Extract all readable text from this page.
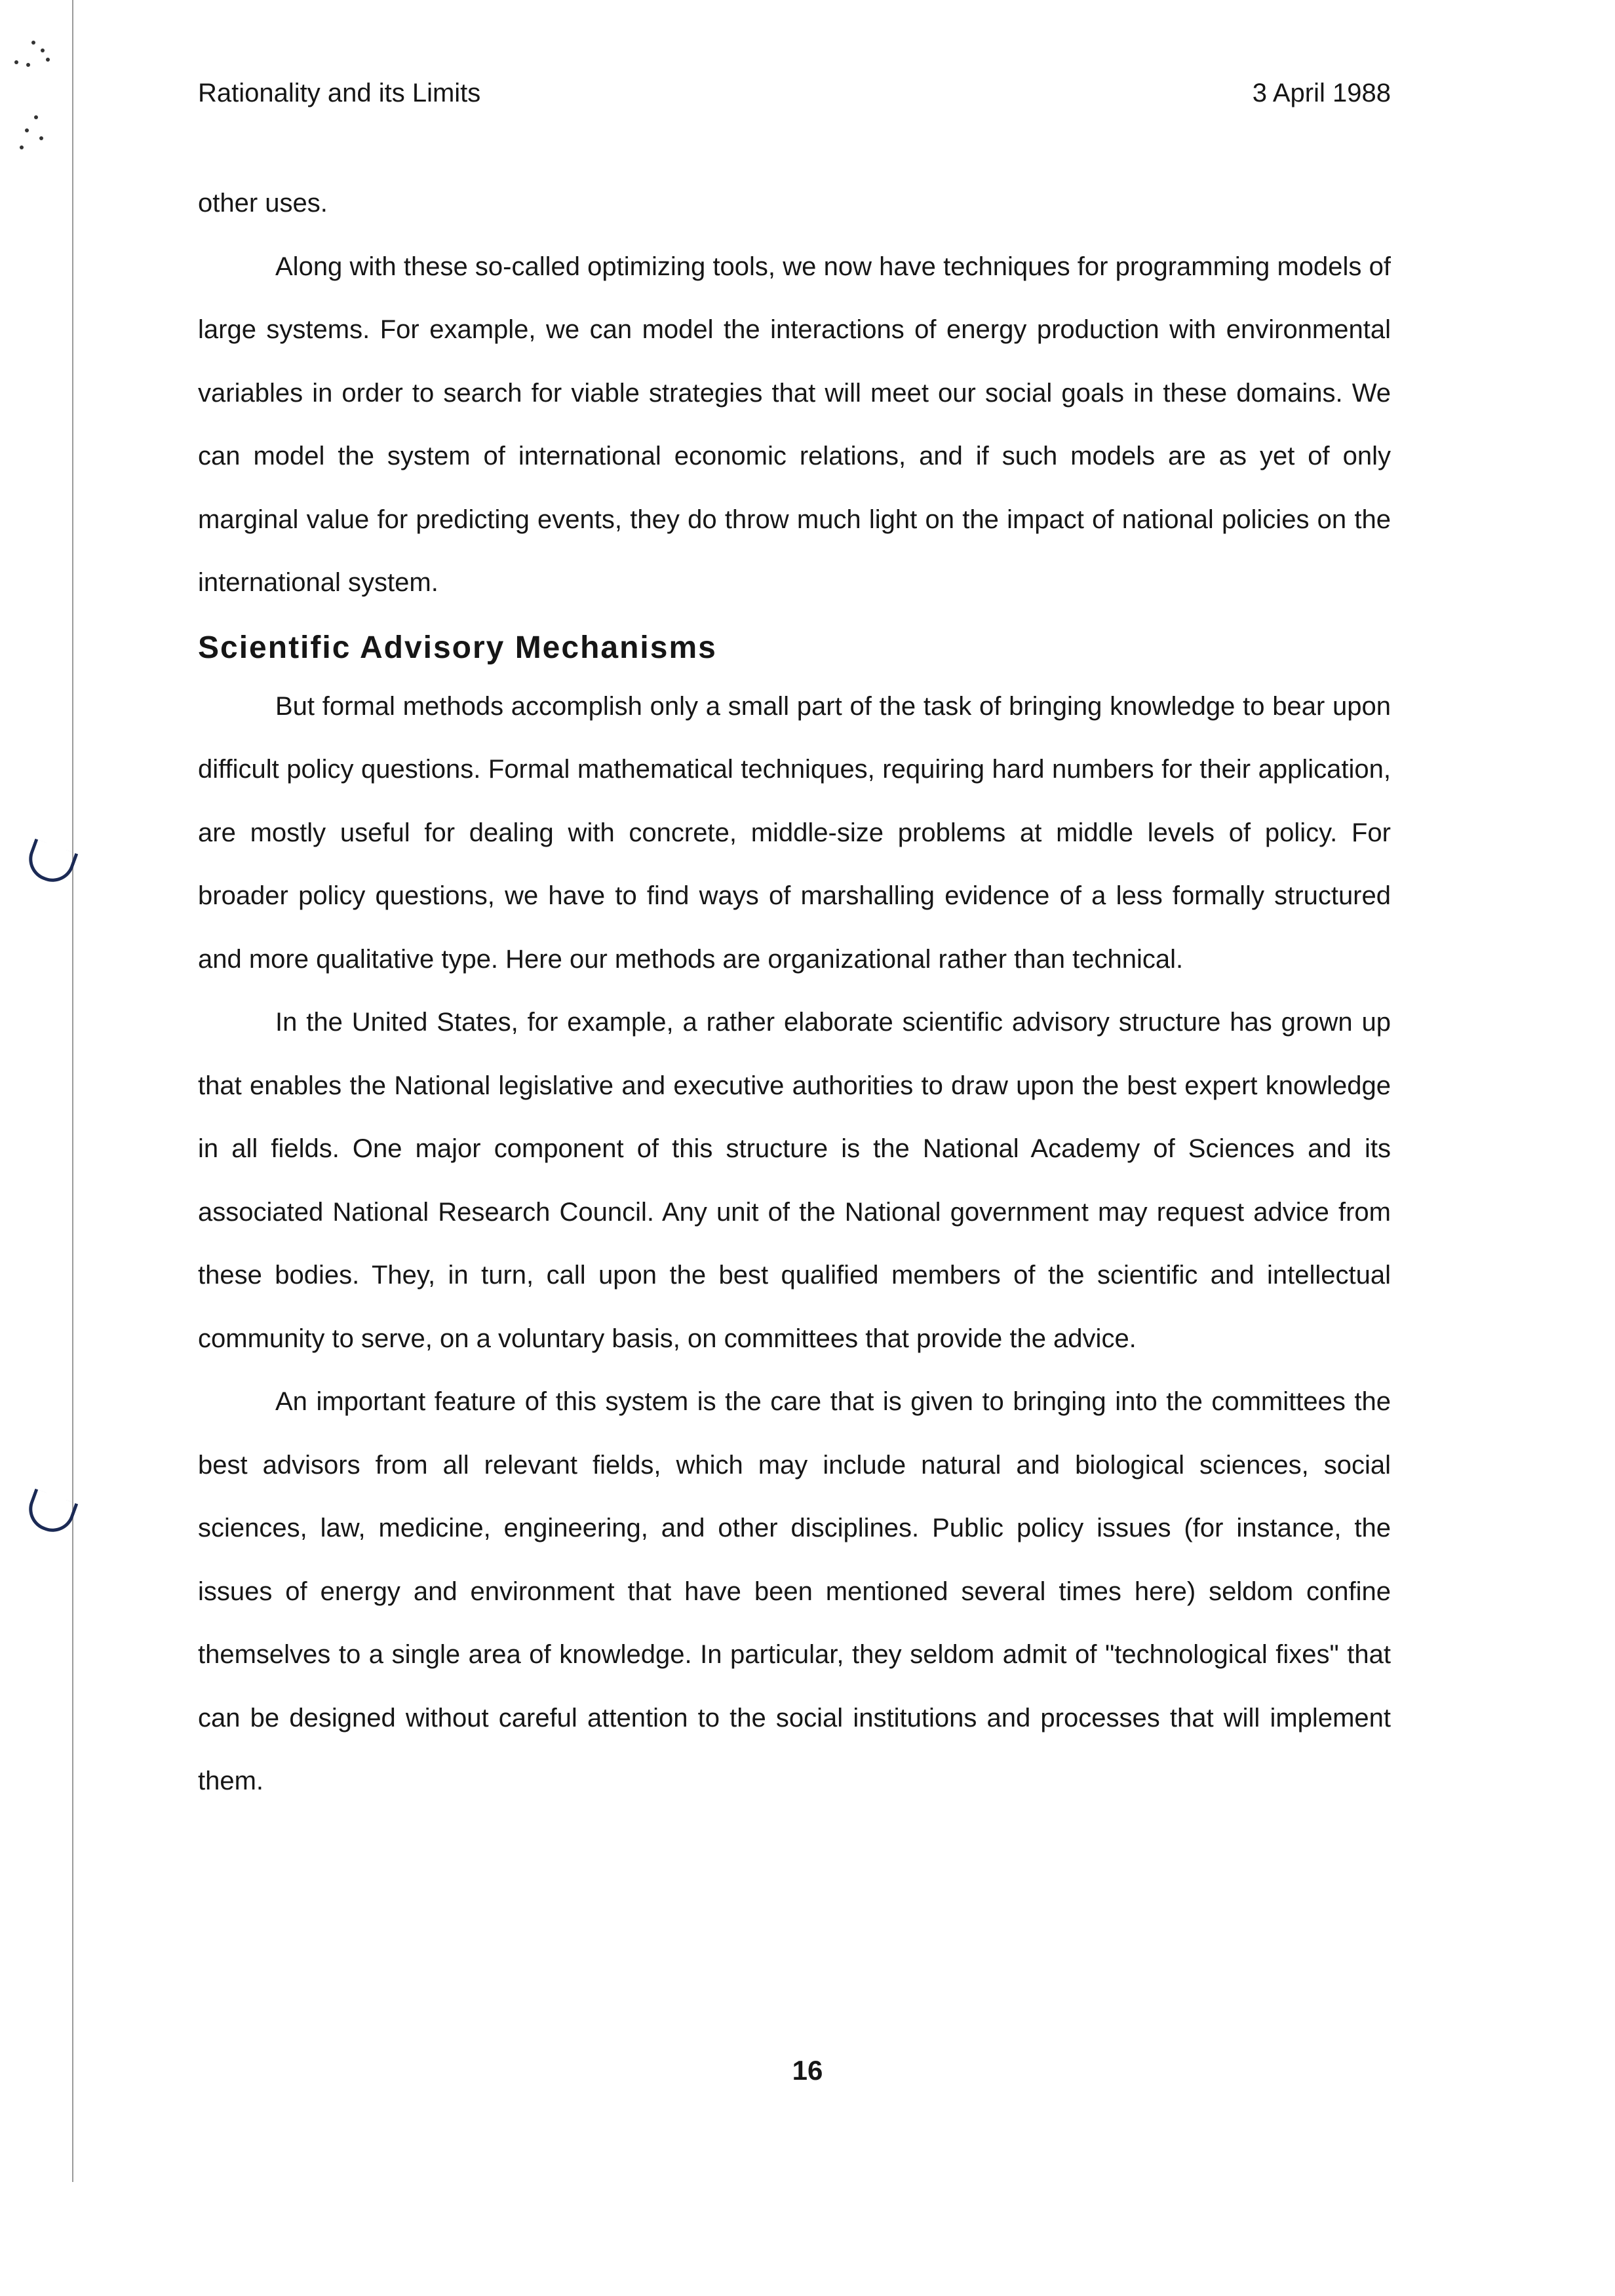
Rationality and its Limits	3 April 1988

other uses.

Along with these so-called optimizing tools, we now have techniques for programming models of large systems. For example, we can model the interactions of energy production with environmental variables in order to search for viable strategies that will meet our social goals in these domains. We can model the system of international economic relations, and if such models are as yet of only marginal value for predicting events, they do throw much light on the impact of national policies on the international system.

Scientific Advisory Mechanisms

But formal methods accomplish only a small part of the task of bringing knowledge to bear upon difficult policy questions. Formal mathematical techniques, requiring hard numbers for their application, are mostly useful for dealing with concrete, middle-size problems at middle levels of policy. For broader policy questions, we have to find ways of marshalling evidence of a less formally structured and more qualitative type. Here our methods are organizational rather than technical.

In the United States, for example, a rather elaborate scientific advisory structure has grown up that enables the National legislative and executive authorities to draw upon the best expert knowledge in all fields. One major component of this structure is the National Academy of Sciences and its associated National Research Council. Any unit of the National government may request advice from these bodies. They, in turn, call upon the best qualified members of the scientific and intellectual community to serve, on a voluntary basis, on committees that provide the advice.

An important feature of this system is the care that is given to bringing into the committees the best advisors from all relevant fields, which may include natural and biological sciences, social sciences, law, medicine, engineering, and other disciplines. Public policy issues (for instance, the issues of energy and environment that have been mentioned several times here) seldom confine themselves to a single area of knowledge. In particular, they seldom admit of "technological fixes" that can be designed without careful attention to the social institutions and processes that will implement them.

16
